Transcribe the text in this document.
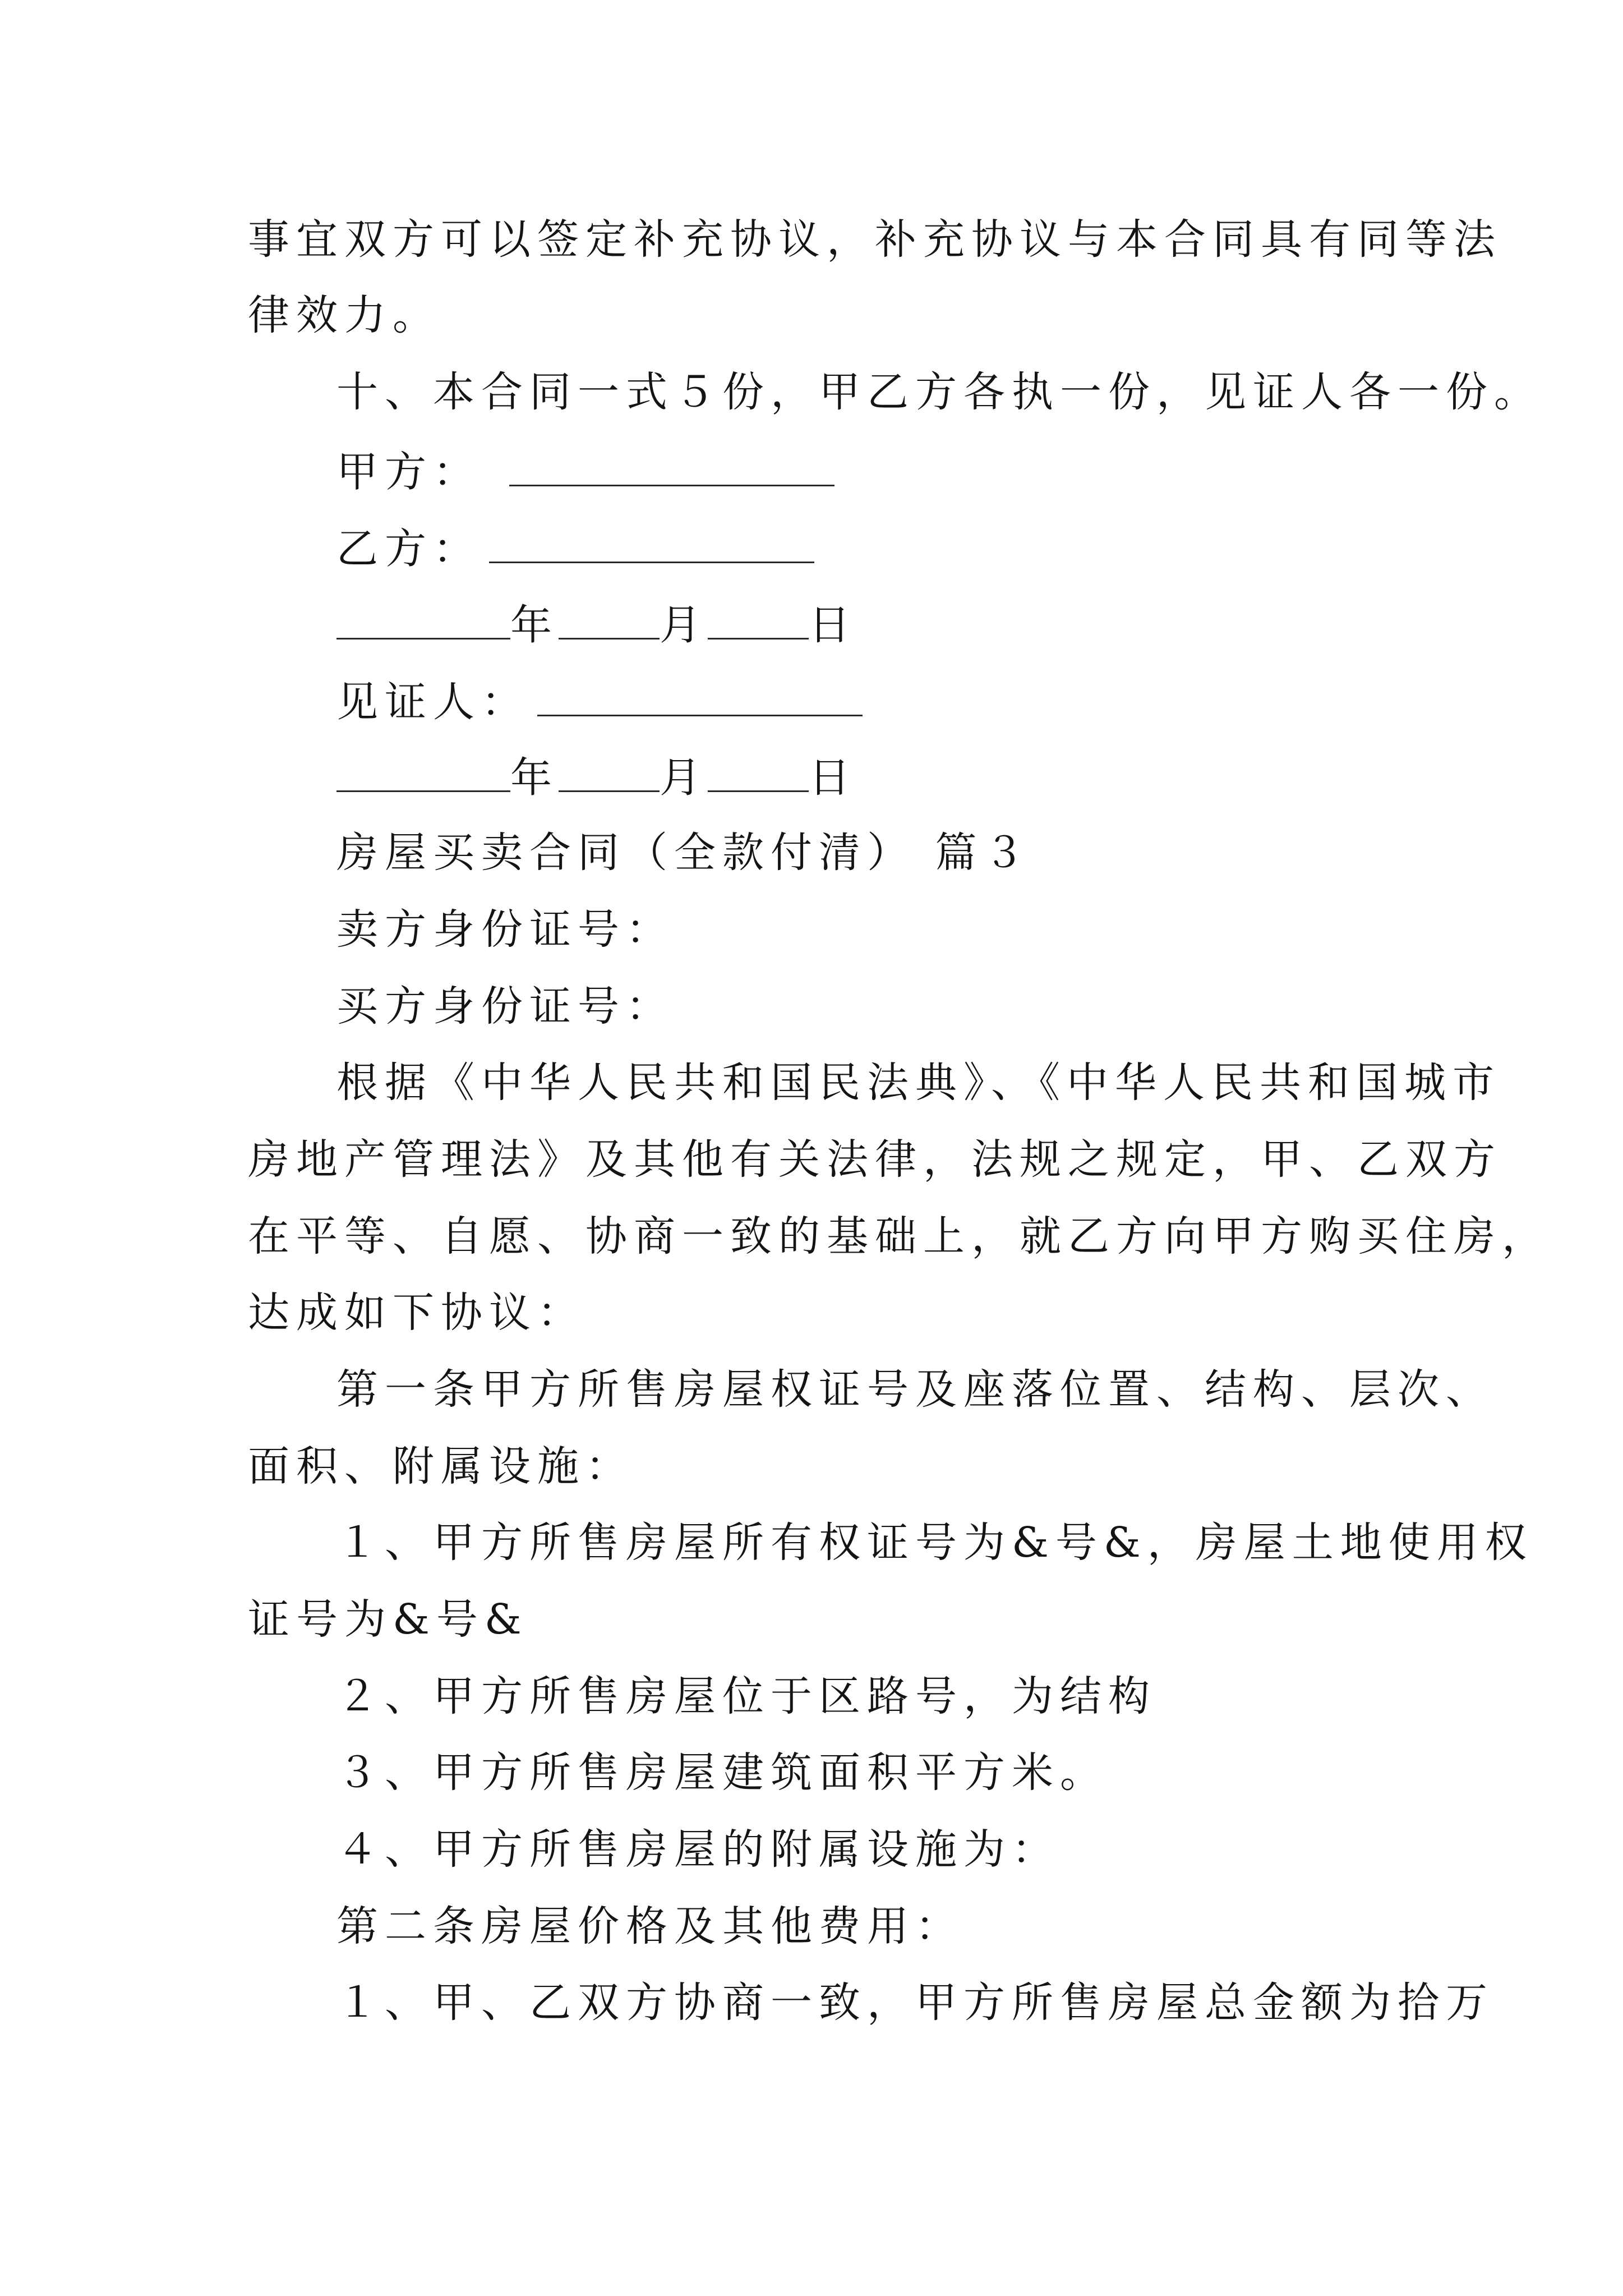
事宜双方可以签定补充协议，补充协议与本合同具有同等法
律效力。
十、本合同一式５份，甲乙方各执一份，见证人各一份。
甲方：
乙方：
年 月 日
见证人：
年 月 日
房屋买卖合同（全款付清） 篇３
卖方身份证号：
买方身份证号：
根据《中华人民共和国民法典》、《中华人民共和国城市
房地产管理法》及其他有关法律，法规之规定，甲、乙双方
在平等、自愿、协商一致的基础上，就乙方向甲方购买住房，
达成如下协议：
第一条甲方所售房屋权证号及座落位置、结构、层次、
面积、附属设施：
１、甲方所售房屋所有权证号为&号&，房屋土地使用权
证号为&号&
２、甲方所售房屋位于区路号，为结构
３、甲方所售房屋建筑面积平方米。
４、甲方所售房屋的附属设施为：
第二条房屋价格及其他费用：
１、甲、乙双方协商一致，甲方所售房屋总金额为拾万
